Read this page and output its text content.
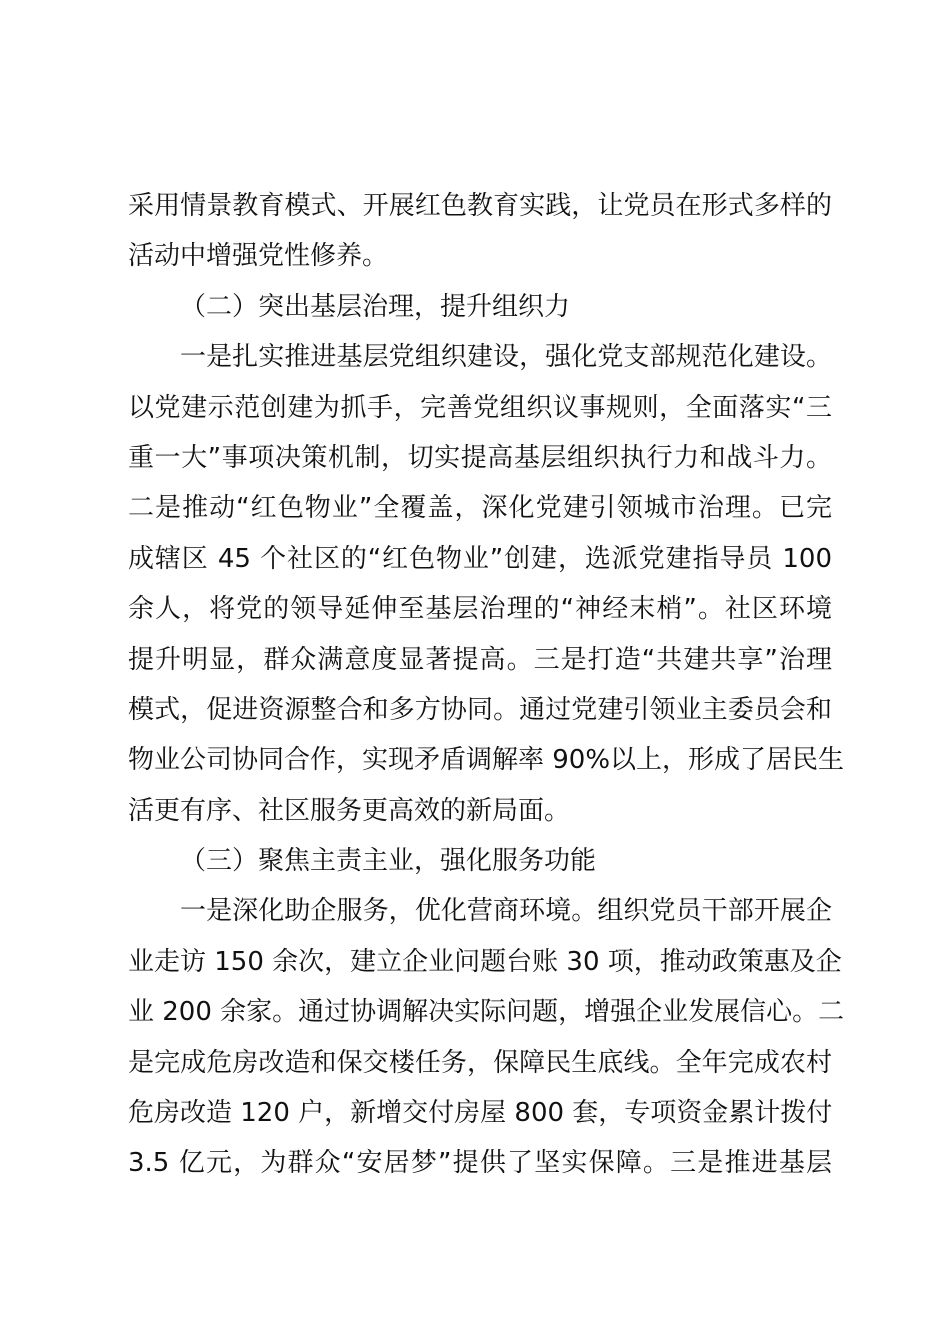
采用情景教育模式、开展红色教育实践，让党员在形式多样的
活动中增强党性修养。
（二）突出基层治理，提升组织力
一是扎实推进基层党组织建设，强化党支部规范化建设。
以党建示范创建为抓手，完善党组织议事规则，全面落实“三
重一大”事项决策机制，切实提高基层组织执行力和战斗力。
二是推动“红色物业”全覆盖，深化党建引领城市治理。已完
成辖区 45 个社区的“红色物业”创建，选派党建指导员 100
余人，将党的领导延伸至基层治理的“神经末梢”。社区环境
提升明显，群众满意度显著提高。三是打造“共建共享”治理
模式，促进资源整合和多方协同。通过党建引领业主委员会和
物业公司协同合作，实现矛盾调解率 90%以上，形成了居民生
活更有序、社区服务更高效的新局面。
（三）聚焦主责主业，强化服务功能
一是深化助企服务，优化营商环境。组织党员干部开展企
业走访 150 余次，建立企业问题台账 30 项，推动政策惠及企
业 200 余家。通过协调解决实际问题，增强企业发展信心。二
是完成危房改造和保交楼任务，保障民生底线。全年完成农村
危房改造 120 户，新增交付房屋 800 套，专项资金累计拨付
3.5 亿元，为群众“安居梦”提供了坚实保障。三是推进基层
